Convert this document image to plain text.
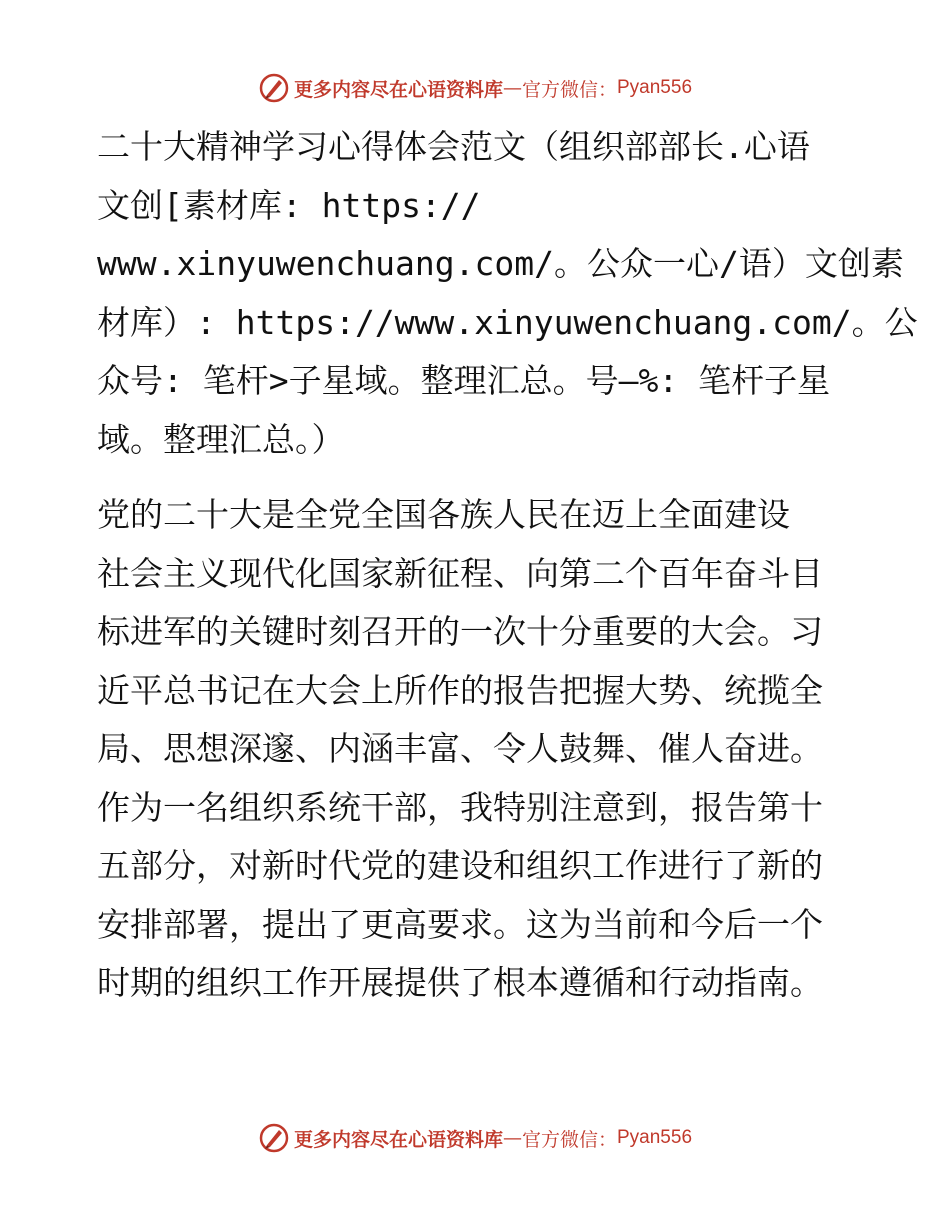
更多内容尽在心语资料库 — 官方微信： Pyan556
二十大精神学习心得体会范文（组织部部长.心语
文创[素材库: https://
www.xinyuwenchuang.com/。公众一心/语）文创素
材库）: https://www.xinyuwenchuang.com/。公
众号: 笔杆>子星域。整理汇总。号—%: 笔杆子星
域。整理汇总。）
党的二十大是全党全国各族人民在迈上全面建设
社会主义现代化国家新征程、向第二个百年奋斗目
标进军的关键时刻召开的一次十分重要的大会。习
近平总书记在大会上所作的报告把握大势、统揽全
局、思想深邃、内涵丰富、令人鼓舞、催人奋进。
作为一名组织系统干部，我特别注意到，报告第十
五部分，对新时代党的建设和组织工作进行了新的
安排部署，提出了更高要求。这为当前和今后一个
时期的组织工作开展提供了根本遵循和行动指南。
更多内容尽在心语资料库 — 官方微信： Pyan556
